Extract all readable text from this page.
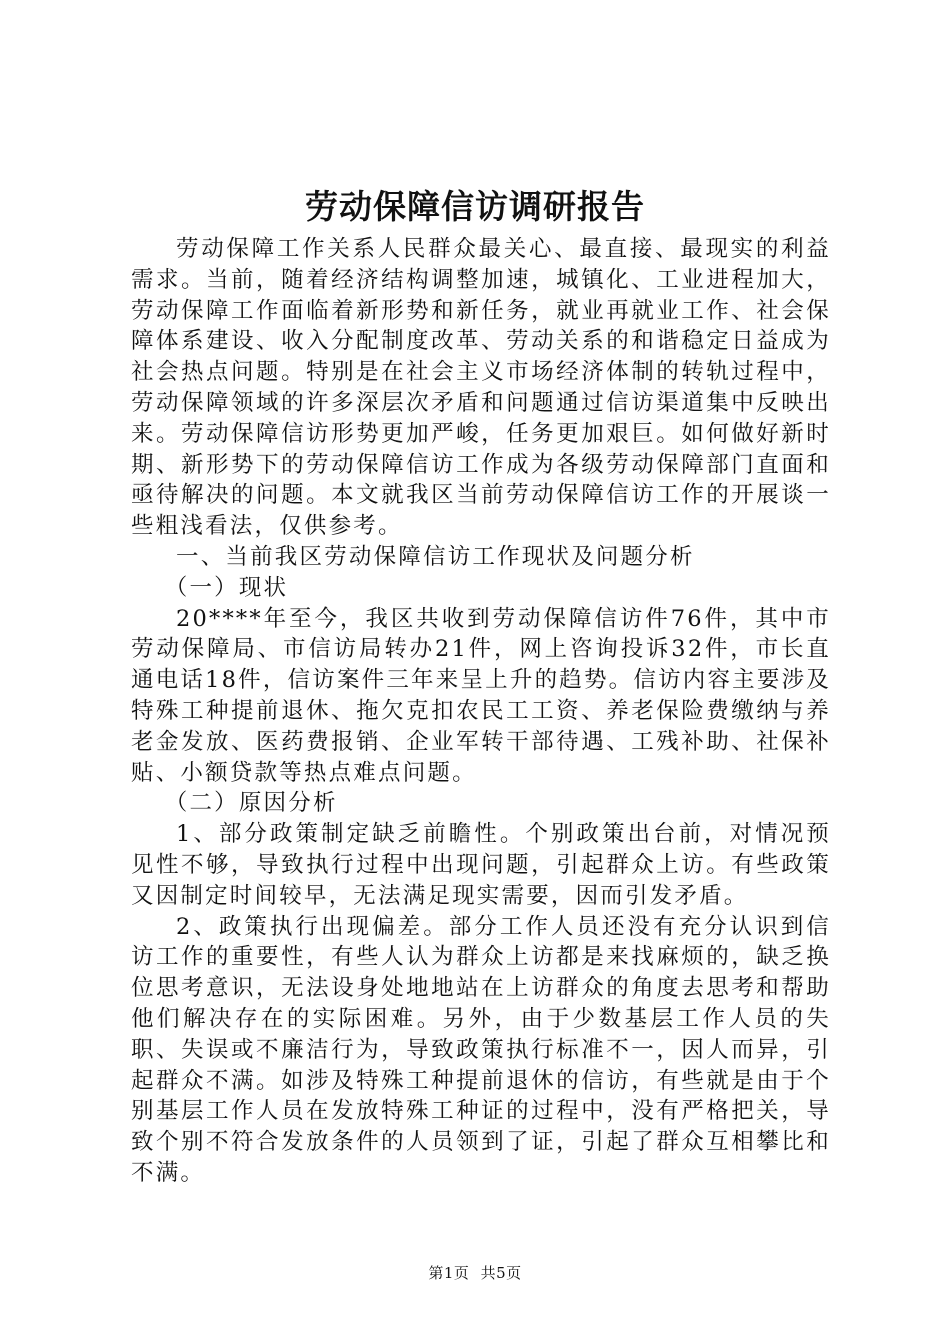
劳动保障信访调研报告

劳动保障工作关系人民群众最关心、最直接、最现实的利益需求。当前，随着经济结构调整加速，城镇化、工业进程加大，劳动保障工作面临着新形势和新任务，就业再就业工作、社会保障体系建设、收入分配制度改革、劳动关系的和谐稳定日益成为社会热点问题。特别是在社会主义市场经济体制的转轨过程中，劳动保障领域的许多深层次矛盾和问题通过信访渠道集中反映出来。劳动保障信访形势更加严峻，任务更加艰巨。如何做好新时期、新形势下的劳动保障信访工作成为各级劳动保障部门直面和亟待解决的问题。本文就我区当前劳动保障信访工作的开展谈一些粗浅看法，仅供参考。

一、当前我区劳动保障信访工作现状及问题分析

（一）现状

20****年至今，我区共收到劳动保障信访件76件，其中市劳动保障局、市信访局转办21件，网上咨询投诉32件，市长直通电话18件，信访案件三年来呈上升的趋势。信访内容主要涉及特殊工种提前退休、拖欠克扣农民工工资、养老保险费缴纳与养老金发放、医药费报销、企业军转干部待遇、工残补助、社保补贴、小额贷款等热点难点问题。

（二）原因分析

1、部分政策制定缺乏前瞻性。个别政策出台前，对情况预见性不够，导致执行过程中出现问题，引起群众上访。有些政策又因制定时间较早，无法满足现实需要，因而引发矛盾。

2、政策执行出现偏差。部分工作人员还没有充分认识到信访工作的重要性，有些人认为群众上访都是来找麻烦的，缺乏换位思考意识，无法设身处地地站在上访群众的角度去思考和帮助他们解决存在的实际困难。另外，由于少数基层工作人员的失职、失误或不廉洁行为，导致政策执行标准不一，因人而异，引起群众不满。如涉及特殊工种提前退休的信访，有些就是由于个别基层工作人员在发放特殊工种证的过程中，没有严格把关，导致个别不符合发放条件的人员领到了证，引起了群众互相攀比和不满。

第1页 共5页
